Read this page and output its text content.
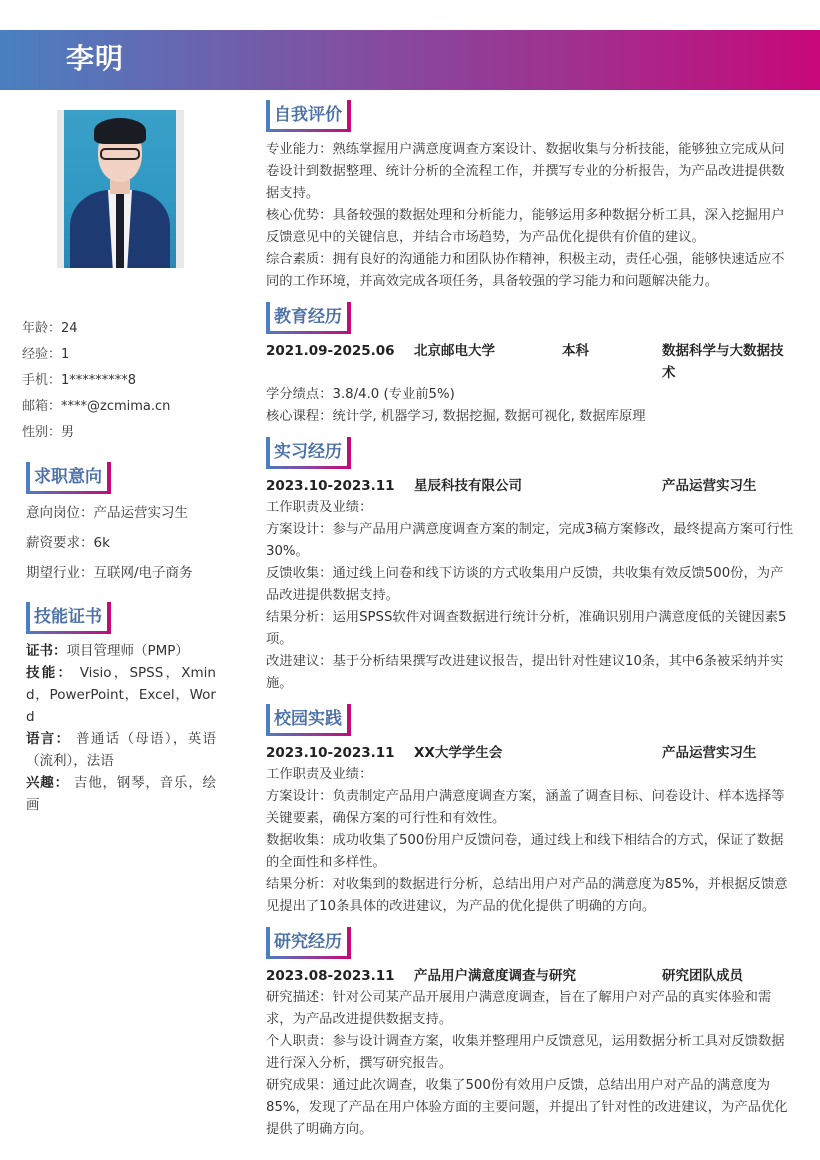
李明
年龄：24
经验：1
手机：1*********8
邮箱：****@zcmima.cn
性别：男
求职意向
意向岗位：产品运营实习生
薪资要求：6k
期望行业：互联网/电子商务
技能证书
证书：项目管理师（PMP）
技能： Visio，SPSS，Xmind，PowerPoint，Excel，Word
语言： 普通话（母语），英语（流利），法语
兴趣： 吉他，钢琴，音乐，绘画
自我评价

专业能力：熟练掌握用户满意度调查方案设计、数据收集与分析技能，能够独立完成从问卷设计到数据整理、统计分析的全流程工作，并撰写专业的分析报告，为产品改进提供数据支持。

核心优势：具备较强的数据处理和分析能力，能够运用多种数据分析工具，深入挖掘用户反馈意见中的关键信息，并结合市场趋势，为产品优化提供有价值的建议。

综合素质：拥有良好的沟通能力和团队协作精神，积极主动，责任心强，能够快速适应不同的工作环境，并高效完成各项任务，具备较强的学习能力和问题解决能力。

教育经历
2021.09-2025.06	北京邮电大学	本科	数据科学与大数据技术

学分绩点：3.8/4.0 (专业前5%)

核心课程：统计学, 机器学习, 数据挖掘, 数据可视化, 数据库原理

实习经历
2023.10-2023.11	星辰科技有限公司	产品运营实习生

工作职责及业绩：

方案设计：参与产品用户满意度调查方案的制定，完成3稿方案修改，最终提高方案可行性30%。

反馈收集：通过线上问卷和线下访谈的方式收集用户反馈，共收集有效反馈500份，为产品改进提供数据支持。

结果分析：运用SPSS软件对调查数据进行统计分析，准确识别用户满意度低的关键因素5项。

改进建议：基于分析结果撰写改进建议报告，提出针对性建议10条，其中6条被采纳并实施。

校园实践
2023.10-2023.11	XX大学学生会	产品运营实习生

工作职责及业绩：

方案设计：负责制定产品用户满意度调查方案，涵盖了调查目标、问卷设计、样本选择等关键要素，确保方案的可行性和有效性。

数据收集：成功收集了500份用户反馈问卷，通过线上和线下相结合的方式，保证了数据的全面性和多样性。

结果分析：对收集到的数据进行分析，总结出用户对产品的满意度为85%，并根据反馈意见提出了10条具体的改进建议，为产品的优化提供了明确的方向。

研究经历
2023.08-2023.11	产品用户满意度调查与研究	研究团队成员

研究描述：针对公司某产品开展用户满意度调查，旨在了解用户对产品的真实体验和需求，为产品改进提供数据支持。

个人职责：参与设计调查方案，收集并整理用户反馈意见，运用数据分析工具对反馈数据进行深入分析，撰写研究报告。

研究成果：通过此次调查，收集了500份有效用户反馈，总结出用户对产品的满意度为85%，发现了产品在用户体验方面的主要问题，并提出了针对性的改进建议，为产品优化提供了明确方向。
